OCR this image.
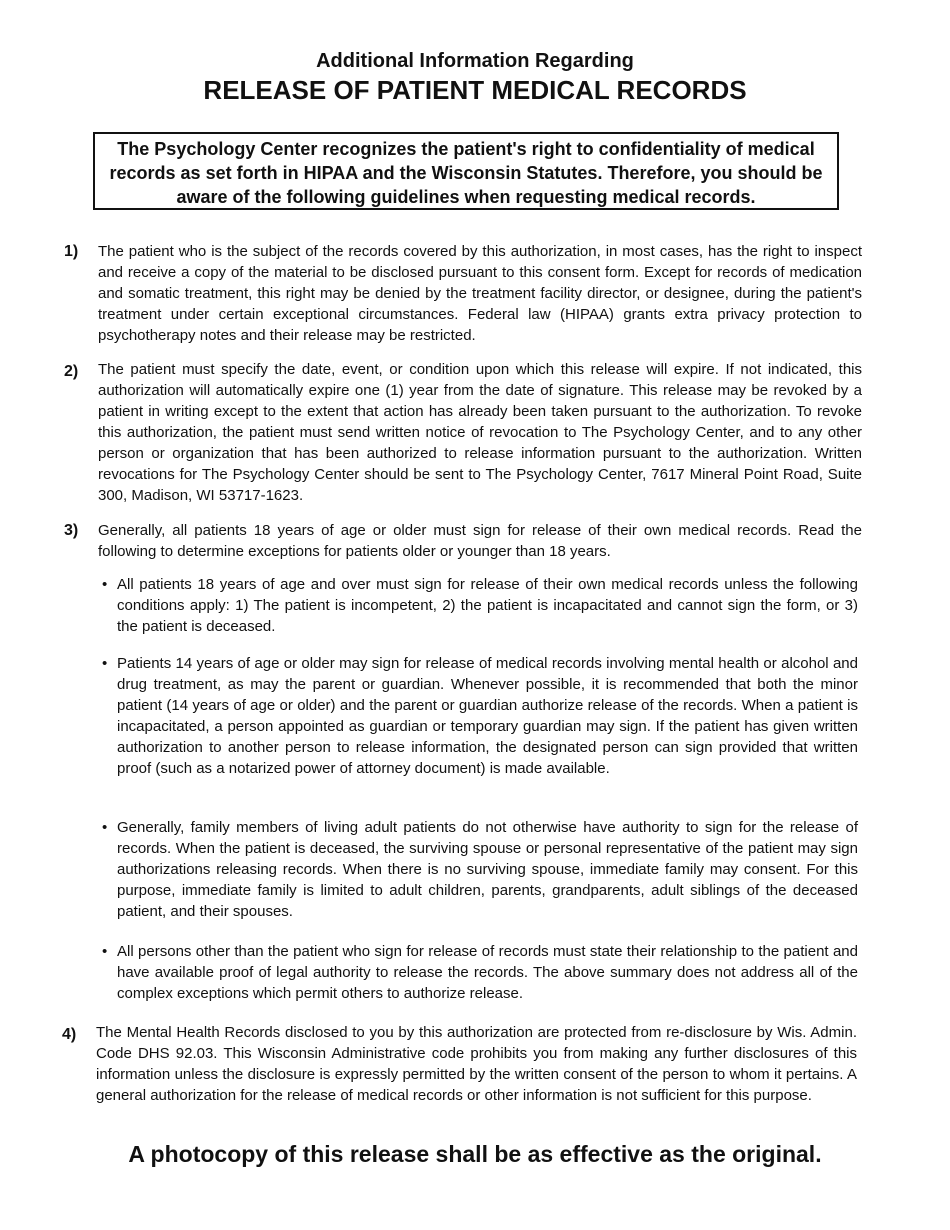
Additional Information Regarding
RELEASE OF PATIENT MEDICAL RECORDS
The Psychology Center recognizes the patient's right to confidentiality of medical records as set forth in HIPAA and the Wisconsin Statutes. Therefore, you should be aware of the following guidelines when requesting medical records.
1) The patient who is the subject of the records covered by this authorization, in most cases, has the right to inspect and receive a copy of the material to be disclosed pursuant to this consent form. Except for records of medication and somatic treatment, this right may be denied by the treatment facility director, or designee, during the patient's treatment under certain exceptional circumstances. Federal law (HIPAA) grants extra privacy protection to psychotherapy notes and their release may be restricted.
2) The patient must specify the date, event, or condition upon which this release will expire. If not indicated, this authorization will automatically expire one (1) year from the date of signature. This release may be revoked by a patient in writing except to the extent that action has already been taken pursuant to the authorization. To revoke this authorization, the patient must send written notice of revocation to The Psychology Center, and to any other person or organization that has been authorized to release information pursuant to the authorization. Written revocations for The Psychology Center should be sent to The Psychology Center, 7617 Mineral Point Road, Suite 300, Madison, WI 53717-1623.
3) Generally, all patients 18 years of age or older must sign for release of their own medical records. Read the following to determine exceptions for patients older or younger than 18 years.
• All patients 18 years of age and over must sign for release of their own medical records unless the following conditions apply: 1) The patient is incompetent, 2) the patient is incapacitated and cannot sign the form, or 3) the patient is deceased.
• Patients 14 years of age or older may sign for release of medical records involving mental health or alcohol and drug treatment, as may the parent or guardian. Whenever possible, it is recommended that both the minor patient (14 years of age or older) and the parent or guardian authorize release of the records. When a patient is incapacitated, a person appointed as guardian or temporary guardian may sign. If the patient has given written authorization to another person to release information, the designated person can sign provided that written proof (such as a notarized power of attorney document) is made available.
• Generally, family members of living adult patients do not otherwise have authority to sign for the release of records. When the patient is deceased, the surviving spouse or personal representative of the patient may sign authorizations releasing records. When there is no surviving spouse, immediate family may consent. For this purpose, immediate family is limited to adult children, parents, grandparents, adult siblings of the deceased patient, and their spouses.
• All persons other than the patient who sign for release of records must state their relationship to the patient and have available proof of legal authority to release the records. The above summary does not address all of the complex exceptions which permit others to authorize release.
4) The Mental Health Records disclosed to you by this authorization are protected from re-disclosure by Wis. Admin. Code DHS 92.03. This Wisconsin Administrative code prohibits you from making any further disclosures of this information unless the disclosure is expressly permitted by the written consent of the person to whom it pertains. A general authorization for the release of medical records or other information is not sufficient for this purpose.
A photocopy of this release shall be as effective as the original.
